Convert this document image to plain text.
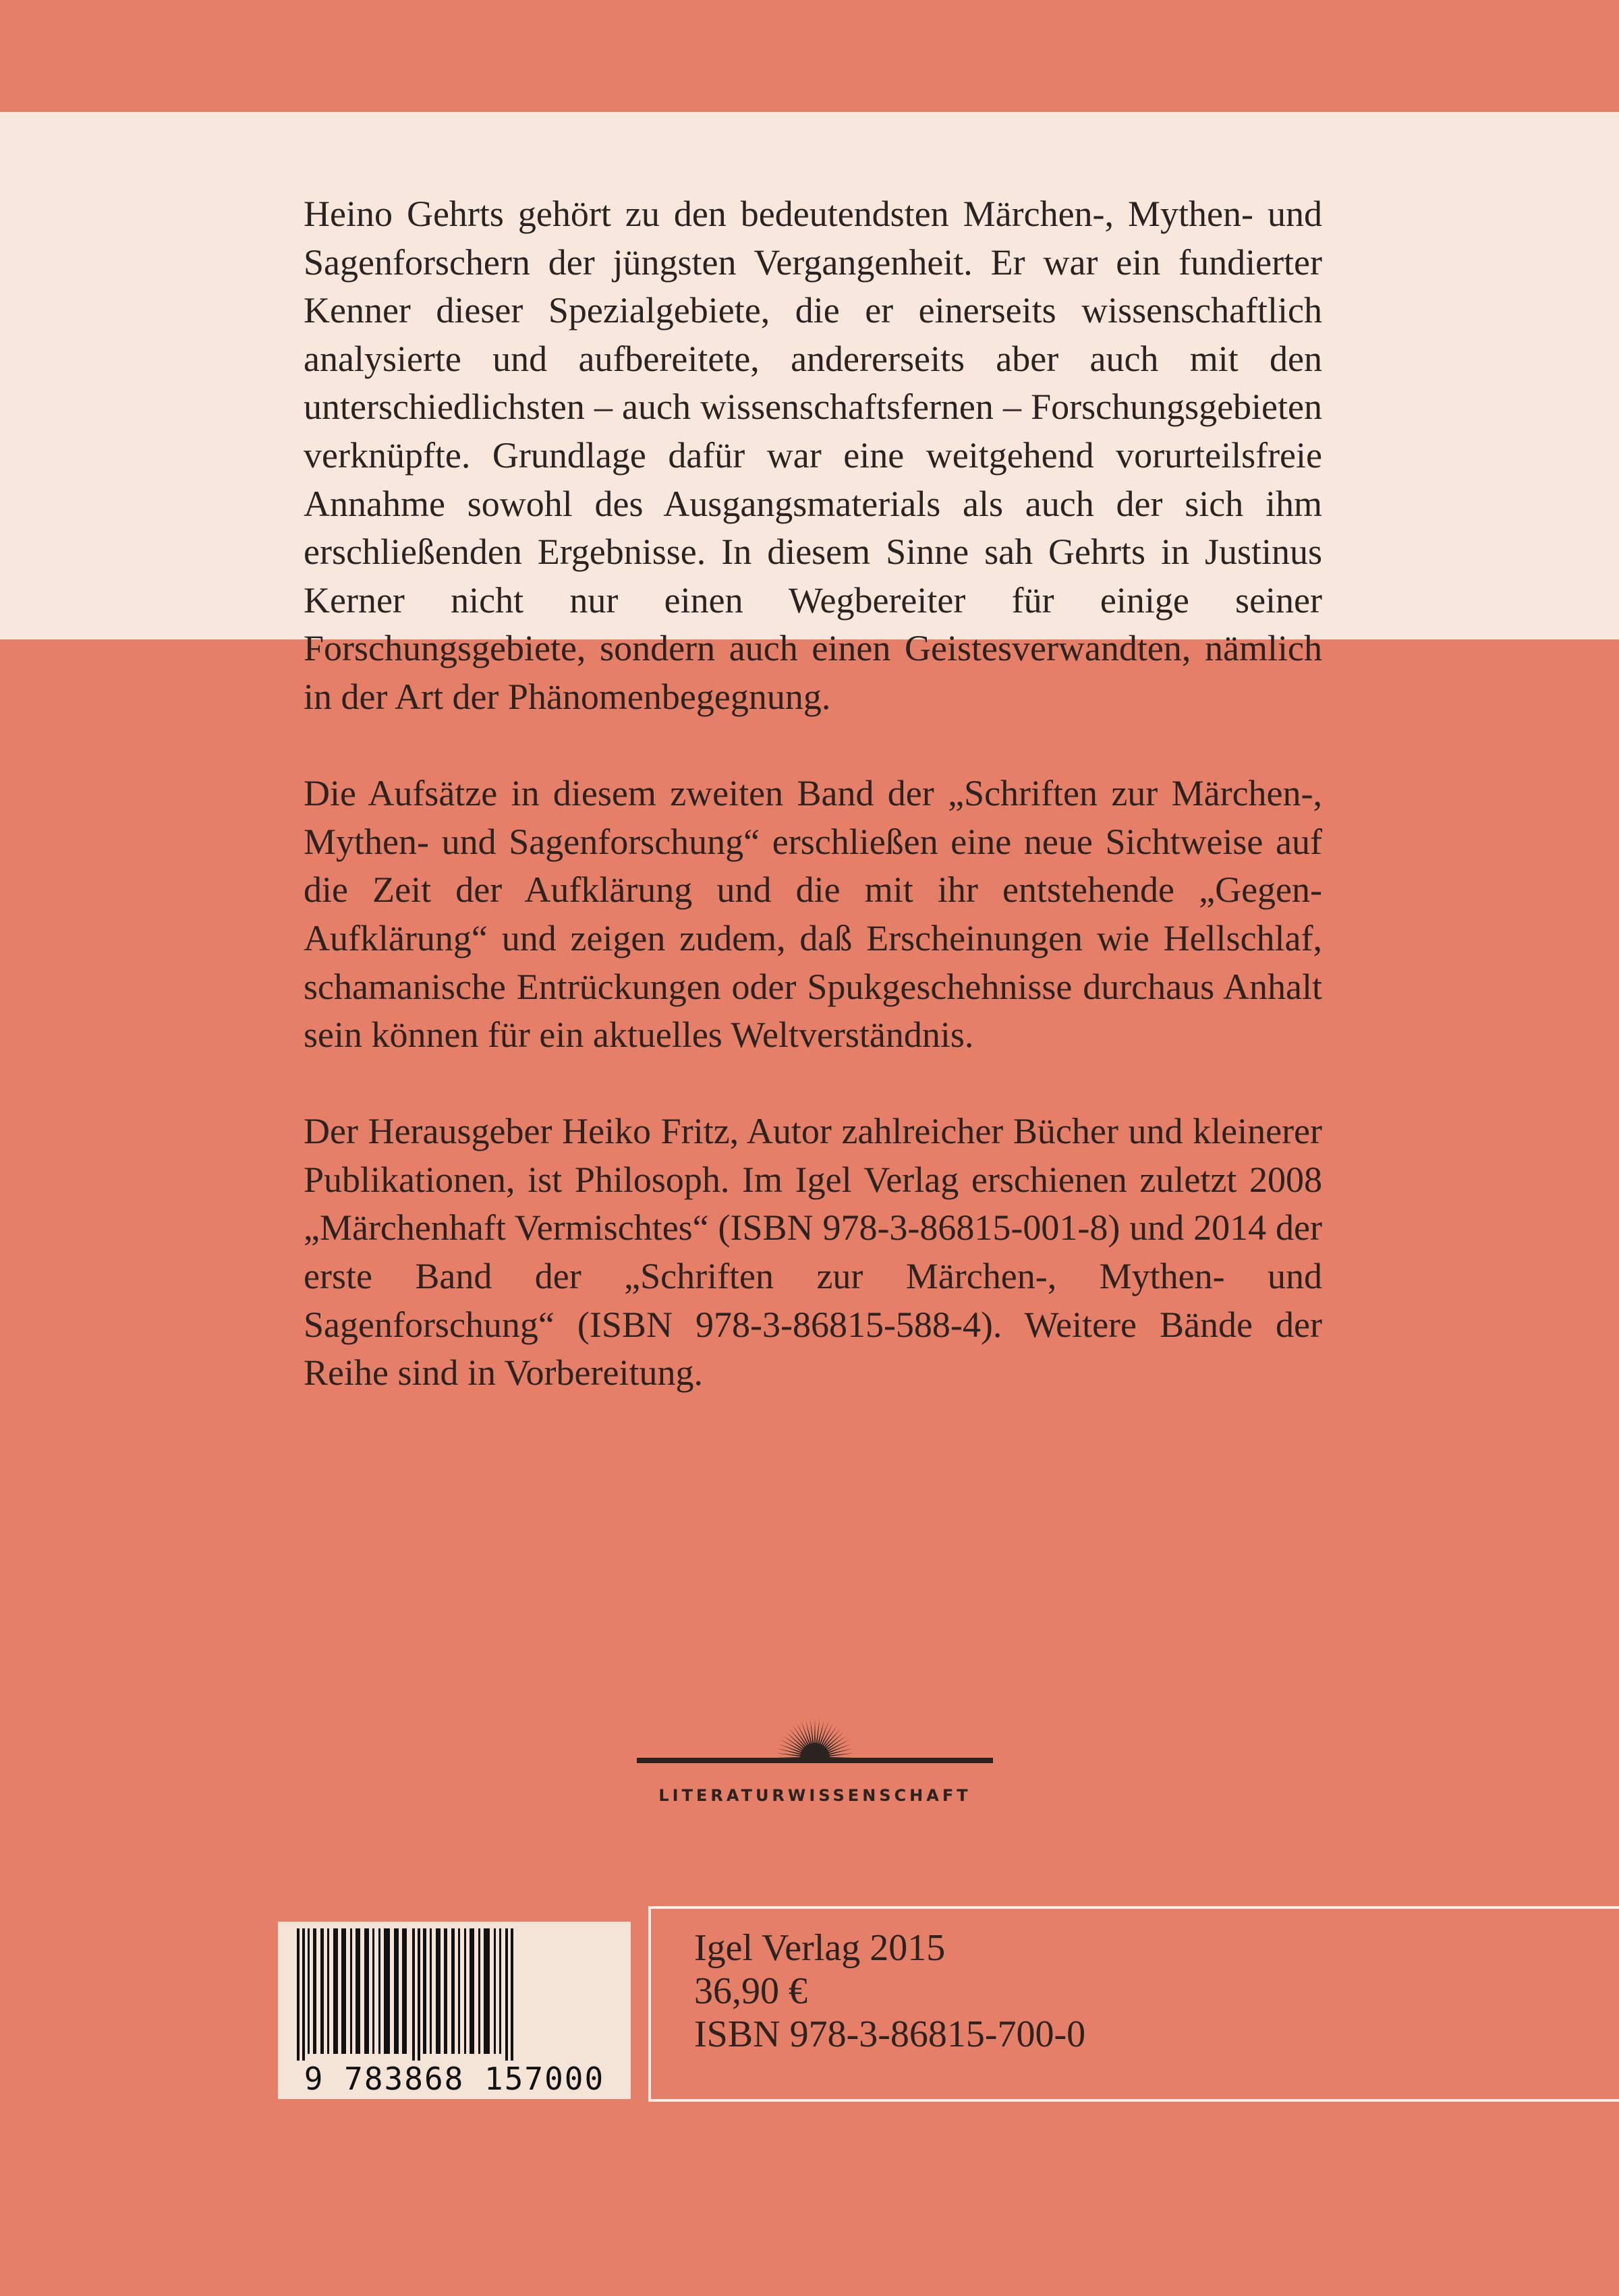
Heino Gehrts gehört zu den bedeutendsten Märchen-, Mythen- und Sagenforschern der jüngsten Vergangenheit. Er war ein fundierter Kenner dieser Spezialgebiete, die er einerseits wissenschaftlich analysierte und aufbereitete, andererseits aber auch mit den unterschiedlichsten – auch wissenschaftsfernen – Forschungsgebieten verknüpfte. Grundlage dafür war eine weitgehend vorurteilsfreie Annahme sowohl des Ausgangsmaterials als auch der sich ihm erschließenden Ergebnisse. In diesem Sinne sah Gehrts in Justinus Kerner nicht nur einen Wegbereiter für einige seiner Forschungsgebiete, sondern auch einen Geistesverwandten, nämlich in der Art der Phänomenbegegnung.

Die Aufsätze in diesem zweiten Band der „Schriften zur Märchen-, Mythen- und Sagenforschung“ erschließen eine neue Sichtweise auf die Zeit der Aufklärung und die mit ihr entstehende „Gegen-Aufklärung“ und zeigen zudem, daß Erscheinungen wie Hellschlaf, schamanische Entrückungen oder Spukgeschehnisse durchaus Anhalt sein können für ein aktuelles Weltverständnis.

Der Herausgeber Heiko Fritz, Autor zahlreicher Bücher und kleinerer Publikationen, ist Philosoph. Im Igel Verlag erschienen zuletzt 2008 „Märchenhaft Vermischtes“ (ISBN 978-3-86815-001-8) und 2014 der erste Band der „Schriften zur Märchen-, Mythen- und Sagenforschung“ (ISBN 978-3-86815-588-4). Weitere Bände der Reihe sind in Vorbereitung.

LITERATURWISSENSCHAFT
9 783868 157000
Igel Verlag 2015
36,90 €
ISBN 978-3-86815-700-0
